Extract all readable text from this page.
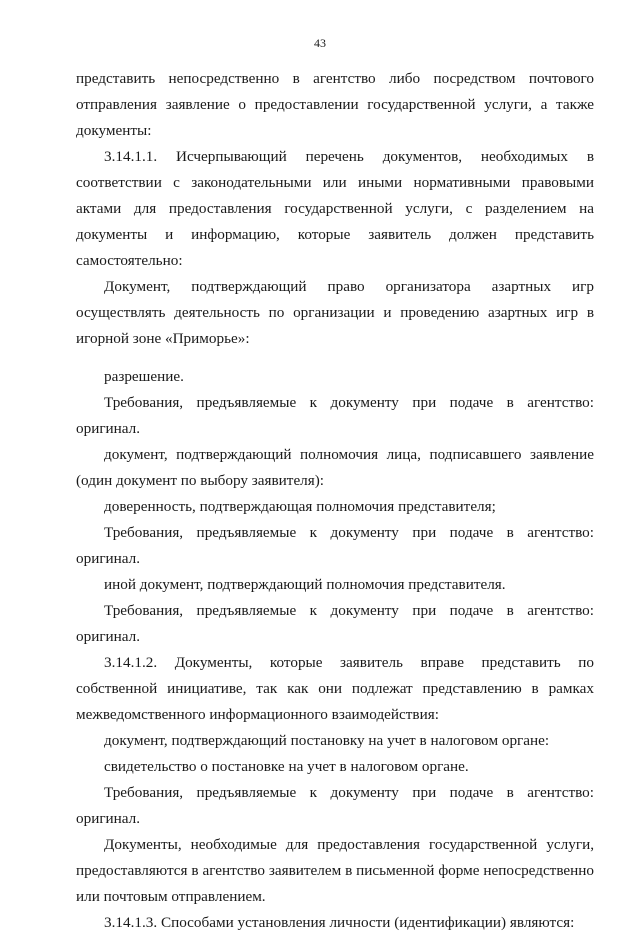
43

представить непосредственно в агентство либо посредством почтового отправления заявление о предоставлении государственной услуги, а также документы:

3.14.1.1. Исчерпывающий перечень документов, необходимых в соответствии с законодательными или иными нормативными правовыми актами для предоставления государственной услуги, с разделением на документы и информацию, которые заявитель должен представить самостоятельно:

Документ, подтверждающий право организатора азартных игр осуществлять деятельность по организации и проведению азартных игр в игорной зоне «Приморье»:

разрешение.

Требования, предъявляемые к документу при подаче в агентство: оригинал.

документ, подтверждающий полномочия лица, подписавшего заявление (один документ по выбору заявителя):

доверенность, подтверждающая полномочия представителя;

Требования, предъявляемые к документу при подаче в агентство: оригинал.

иной документ, подтверждающий полномочия представителя.

Требования, предъявляемые к документу при подаче в агентство: оригинал.

3.14.1.2. Документы, которые заявитель вправе представить по собственной инициативе, так как они подлежат представлению в рамках межведомственного информационного взаимодействия:

документ, подтверждающий постановку на учет в налоговом органе:

свидетельство о постановке на учет в налоговом органе.

Требования, предъявляемые к документу при подаче в агентство: оригинал.

Документы, необходимые для предоставления государственной услуги, предоставляются в агентство заявителем в письменной форме непосредственно или почтовым отправлением.

3.14.1.3. Способами установления личности (идентификации) являются:
